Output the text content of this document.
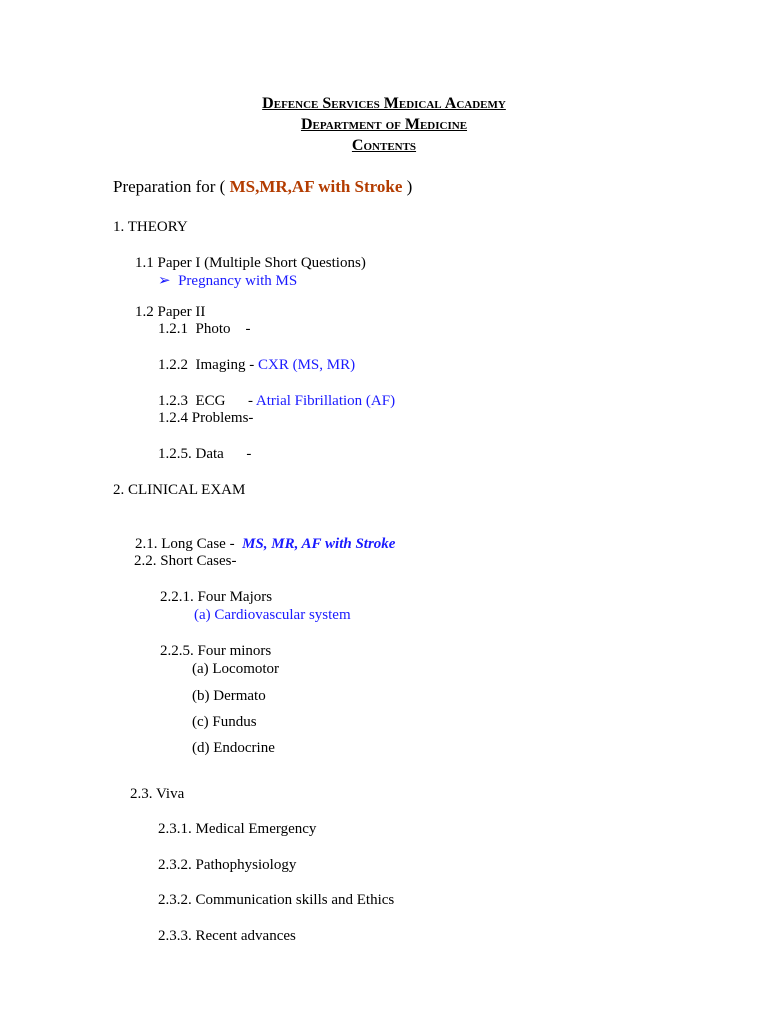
Defence Services Medical Academy
Department of Medicine
Contents
Preparation for ( MS,MR,AF with Stroke )
1. THEORY
1.1 Paper I (Multiple Short Questions)
➢ Pregnancy with MS
1.2 Paper II
1.2.1  Photo    -

1.2.2  Imaging - CXR (MS, MR)

1.2.3  ECG      - Atrial Fibrillation (AF)
1.2.4 Problems-
1.2.5. Data      -
2. CLINICAL EXAM

2.1. Long Case -  MS, MR, AF with Stroke
2.2. Short Cases-
2.2.1. Four Majors
(a) Cardiovascular system
2.2.5. Four minors
(a) Locomotor
(b) Dermato
(c) Fundus
(d) Endocrine
2.3. Viva
2.3.1. Medical Emergency
2.3.2. Pathophysiology
2.3.2. Communication skills and Ethics
2.3.3. Recent advances
